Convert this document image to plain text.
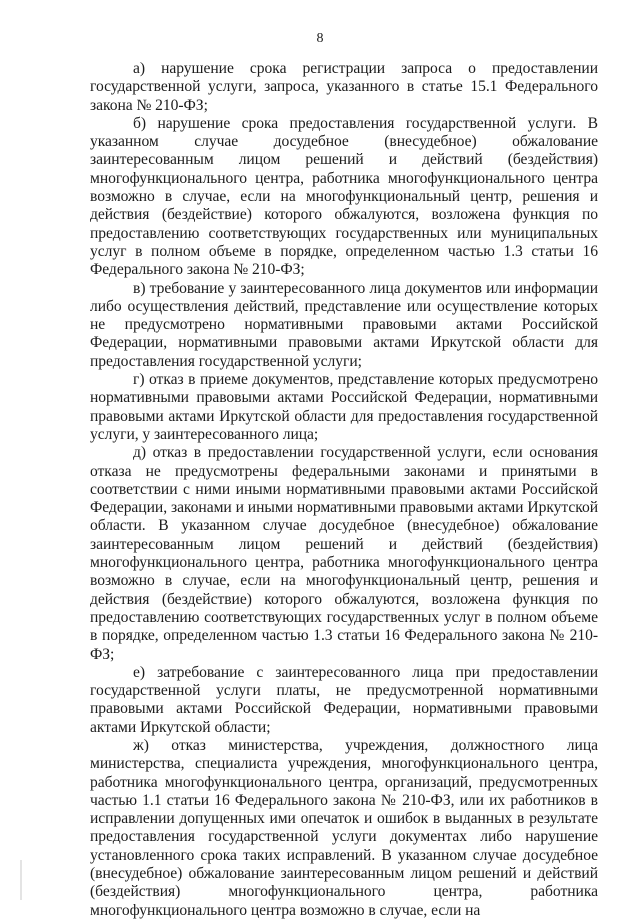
8

а) нарушение срока регистрации запроса о предоставлении государственной услуги, запроса, указанного в статье 15.1 Федерального закона № 210-ФЗ;

б) нарушение срока предоставления государственной услуги. В указанном случае досудебное (внесудебное) обжалование заинтересованным лицом решений и действий (бездействия) многофункционального центра, работника многофункционального центра возможно в случае, если на многофункциональный центр, решения и действия (бездействие) которого обжалуются, возложена функция по предоставлению соответствующих государственных или муниципальных услуг в полном объеме в порядке, определенном частью 1.3 статьи 16 Федерального закона № 210-ФЗ;

в) требование у заинтересованного лица документов или информации либо осуществления действий, представление или осуществление которых не предусмотрено нормативными правовыми актами Российской Федерации, нормативными правовыми актами Иркутской области для предоставления государственной услуги;

г) отказ в приеме документов, представление которых предусмотрено нормативными правовыми актами Российской Федерации, нормативными правовыми актами Иркутской области для предоставления государственной услуги, у заинтересованного лица;

д) отказ в предоставлении государственной услуги, если основания отказа не предусмотрены федеральными законами и принятыми в соответствии с ними иными нормативными правовыми актами Российской Федерации, законами и иными нормативными правовыми актами Иркутской области. В указанном случае досудебное (внесудебное) обжалование заинтересованным лицом решений и действий (бездействия) многофункционального центра, работника многофункционального центра возможно в случае, если на многофункциональный центр, решения и действия (бездействие) которого обжалуются, возложена функция по предоставлению соответствующих государственных услуг в полном объеме в порядке, определенном частью 1.3 статьи 16 Федерального закона № 210-ФЗ;

е) затребование с заинтересованного лица при предоставлении государственной услуги платы, не предусмотренной нормативными правовыми актами Российской Федерации, нормативными правовыми актами Иркутской области;

ж) отказ министерства, учреждения, должностного лица министерства, специалиста учреждения, многофункционального центра, работника многофункционального центра, организаций, предусмотренных частью 1.1 статьи 16 Федерального закона № 210-ФЗ, или их работников в исправлении допущенных ими опечаток и ошибок в выданных в результате предоставления государственной услуги документах либо нарушение установленного срока таких исправлений. В указанном случае досудебное (внесудебное) обжалование заинтересованным лицом решений и действий (бездействия) многофункционального центра, работника многофункционального центра возможно в случае, если на
